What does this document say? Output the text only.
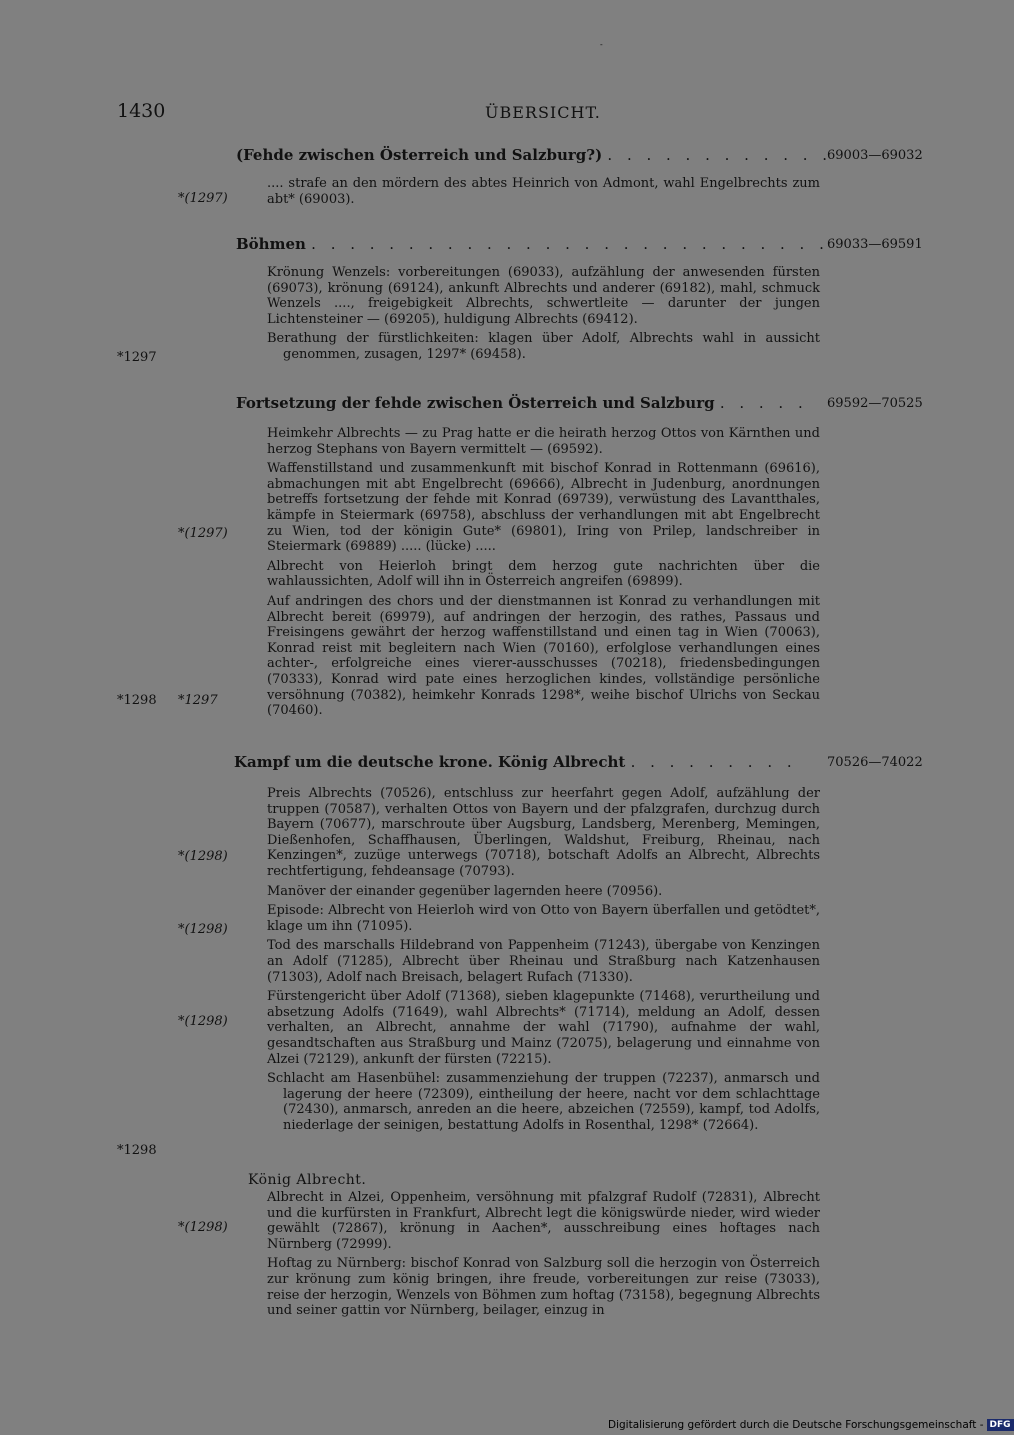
-
1430	ÜBERSICHT.
(Fehde zwischen Österreich und Salzburg?) . . . . . . . . . . . .
69003—69032

.... strafe an den mördern des abtes Heinrich von Admont, wahl Engelbrechts zum abt* (69003).

*(1297)
Böhmen . . . . . . . . . . . . . . . . . . . . . . . . . . .
69033—69591

Krönung Wenzels: vorbereitungen (69033), aufzählung der anwesenden fürsten (69073), krönung (69124), ankunft Albrechts und anderer (69182), mahl, schmuck Wenzels ...., freigebigkeit Albrechts, schwertleite — darunter der jungen Lichtensteiner — (69205), huldigung Albrechts (69412).

Berathung der fürstlichkeiten: klagen über Adolf, Albrechts wahl in aussicht genommen, zusagen, 1297* (69458).

*1297
Fortsetzung der fehde zwischen Österreich und Salzburg . . . . . 69592—70525

Heimkehr Albrechts — zu Prag hatte er die heirath herzog Ottos von Kärnthen und herzog Stephans von Bayern vermittelt — (69592).

Waffenstillstand und zusammenkunft mit bischof Konrad in Rottenmann (69616), abmachungen mit abt Engelbrecht (69666), Albrecht in Judenburg, anordnungen betreffs fortsetzung der fehde mit Konrad (69739), verwüstung des Lavantthales, kämpfe in Steiermark (69758), abschluss der verhandlungen mit abt Engelbrecht zu Wien, tod der königin Gute* (69801), Iring von Prilep, landschreiber in Steiermark (69889) ..... (lücke) .....

Albrecht von Heierloh bringt dem herzog gute nachrichten über die wahlaussichten, Adolf will ihn in Österreich angreifen (69899).

Auf andringen des chors und der dienstmannen ist Konrad zu verhandlungen mit Albrecht bereit (69979), auf andringen der herzogin, des rathes, Passaus und Freisingens gewährt der herzog waffenstillstand und einen tag in Wien (70063), Konrad reist mit begleitern nach Wien (70160), erfolglose verhandlungen eines achter-, erfolgreiche eines vierer-ausschusses (70218), friedensbedingungen (70333), Konrad wird pate eines herzoglichen kindes, vollständige persönliche versöhnung (70382), heimkehr Konrads 1298*, weihe bischof Ulrichs von Seckau (70460).

*(1297)
*1298 *1297
Kampf um die deutsche krone. König Albrecht . . . . . . . . . 70526—74022

Preis Albrechts (70526), entschluss zur heerfahrt gegen Adolf, aufzählung der truppen (70587), verhalten Ottos von Bayern und der pfalzgrafen, durchzug durch Bayern (70677), marschroute über Augsburg, Landsberg, Merenberg, Memingen, Dießenhofen, Schaffhausen, Überlingen, Waldshut, Freiburg, Rheinau, nach Kenzingen*, zuzüge unterwegs (70718), botschaft Adolfs an Albrecht, Albrechts rechtfertigung, fehdeansage (70793).

Manöver der einander gegenüber lagernden heere (70956).

Episode: Albrecht von Heierloh wird von Otto von Bayern überfallen und getödtet*, klage um ihn (71095).

Tod des marschalls Hildebrand von Pappenheim (71243), übergabe von Kenzingen an Adolf (71285), Albrecht über Rheinau und Straßburg nach Katzenhausen (71303), Adolf nach Breisach, belagert Rufach (71330).

Fürstengericht über Adolf (71368), sieben klagepunkte (71468), verurtheilung und absetzung Adolfs (71649), wahl Albrechts* (71714), meldung an Adolf, dessen verhalten, an Albrecht, annahme der wahl (71790), aufnahme der wahl, gesandtschaften aus Straßburg und Mainz (72075), belagerung und einnahme von Alzei (72129), ankunft der fürsten (72215).

Schlacht am Hasenbühel: zusammenziehung der truppen (72237), anmarsch und lagerung der heere (72309), eintheilung der heere, nacht vor dem schlachttage (72430), anmarsch, anreden an die heere, abzeichen (72559), kampf, tod Adolfs, niederlage der seinigen, bestattung Adolfs in Rosenthal, 1298* (72664).

*(1298)
*(1298)
*(1298)
*1298
König Albrecht.

Albrecht in Alzei, Oppenheim, versöhnung mit pfalzgraf Rudolf (72831), Albrecht und die kurfürsten in Frankfurt, Albrecht legt die königswürde nieder, wird wieder gewählt (72867), krönung in Aachen*, ausschreibung eines hoftages nach Nürnberg (72999).

Hoftag zu Nürnberg: bischof Konrad von Salzburg soll die herzogin von Österreich zur krönung zum könig bringen, ihre freude, vorbereitungen zur reise (73033), reise der herzogin, Wenzels von Böhmen zum hoftag (73158), begegnung Albrechts und seiner gattin vor Nürnberg, beilager, einzug in

*(1298)
Digitalisierung gefördert durch die Deutsche Forschungsgemeinschaft - DFG
